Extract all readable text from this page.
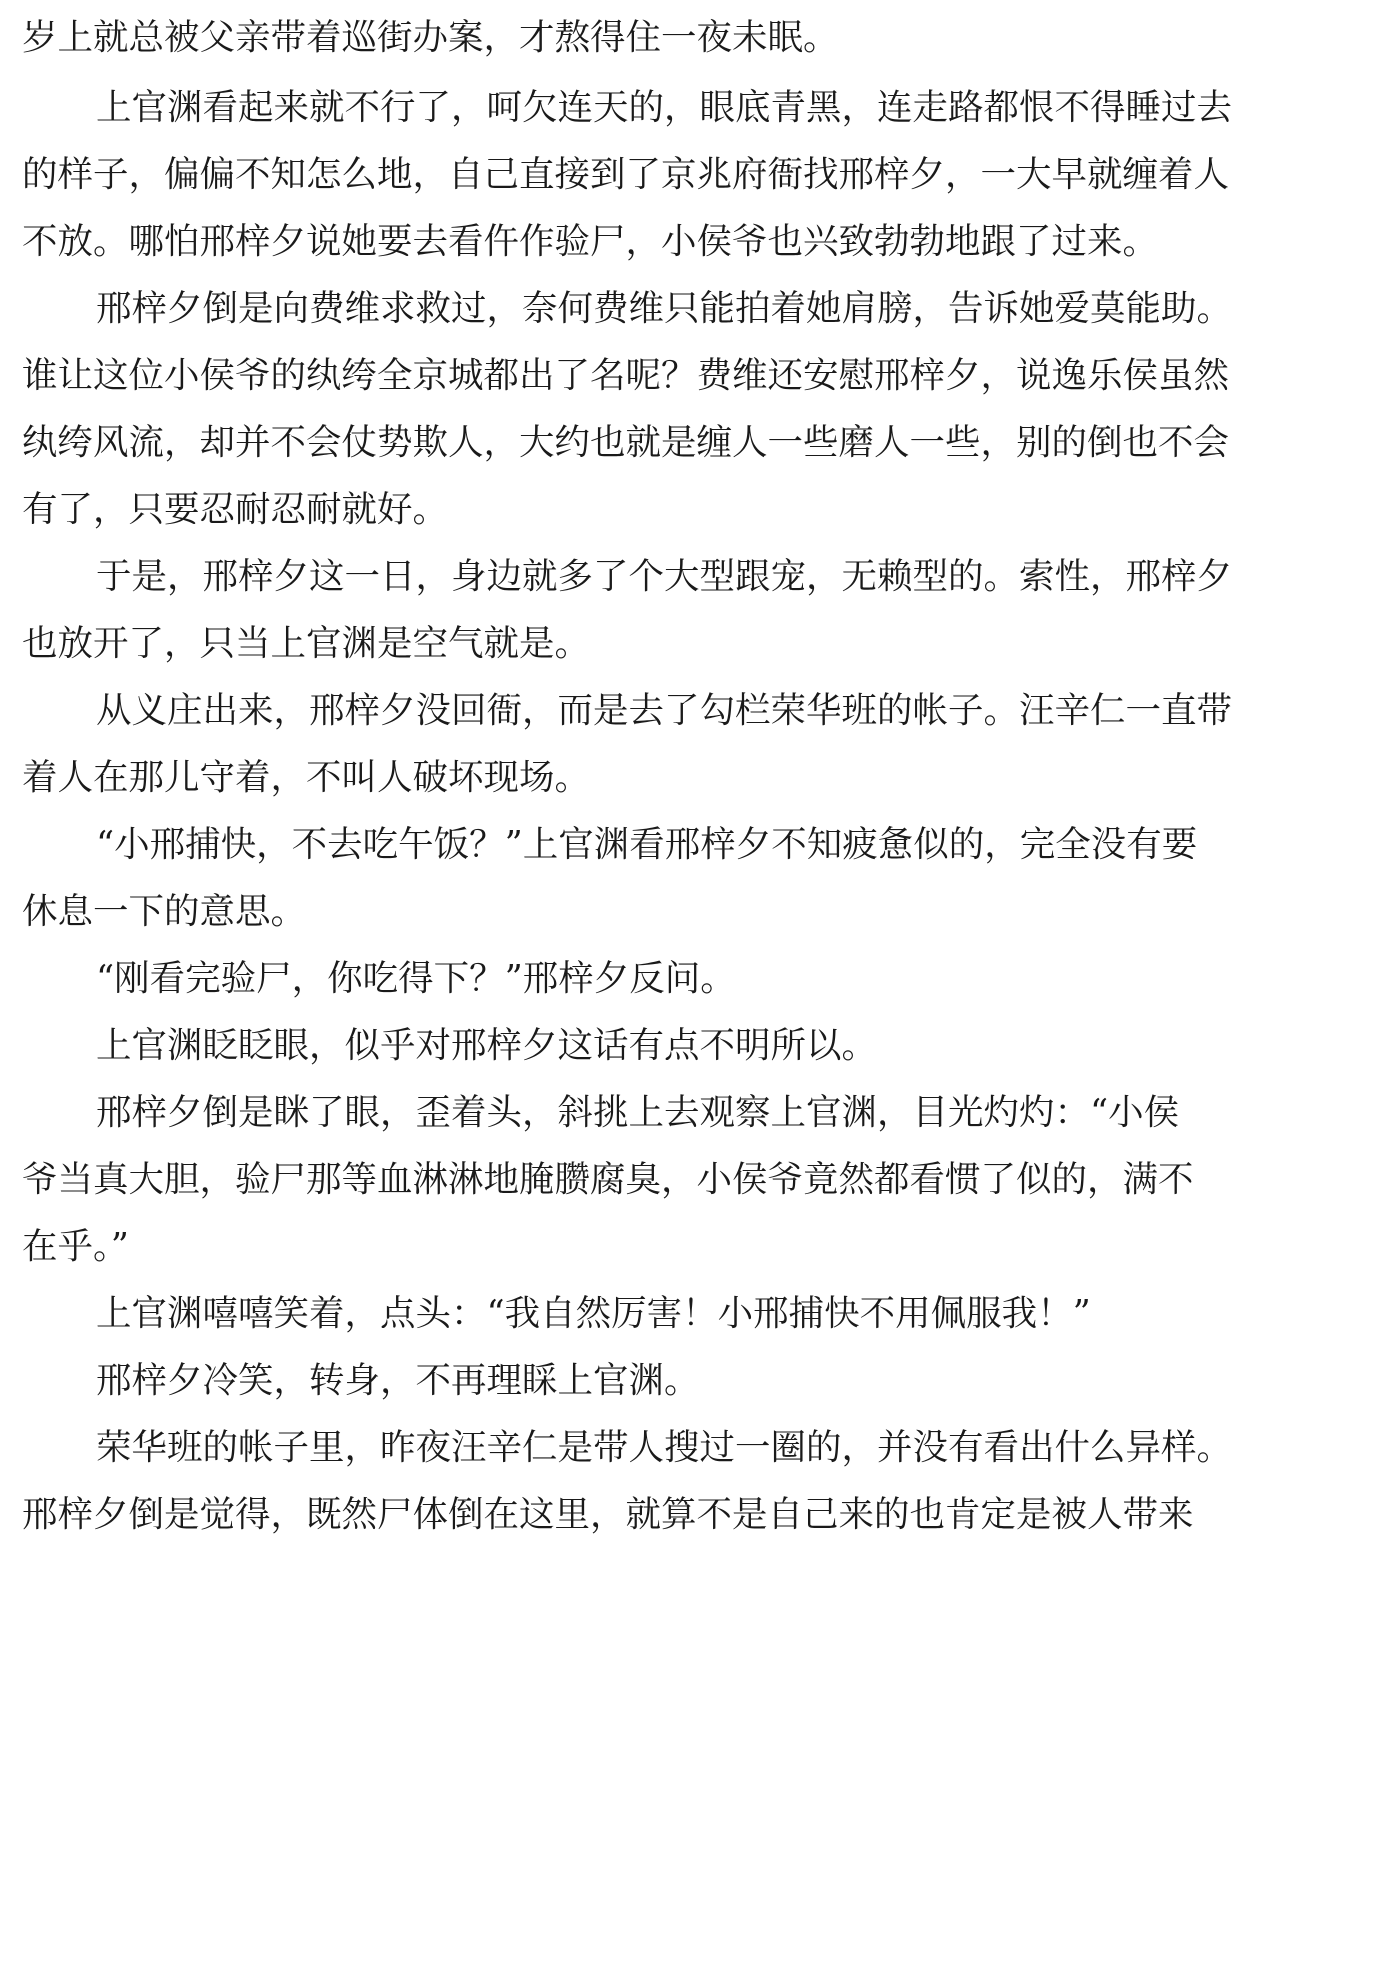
岁上就总被父亲带着巡街办案，才熬得住一夜未眠。
上官渊看起来就不行了，呵欠连天的，眼底青黑，连走路都恨不得睡过去
的样子，偏偏不知怎么地，自己直接到了京兆府衙找邢梓夕，一大早就缠着人
不放。哪怕邢梓夕说她要去看仵作验尸，小侯爷也兴致勃勃地跟了过来。
邢梓夕倒是向费维求救过，奈何费维只能拍着她肩膀，告诉她爱莫能助。
谁让这位小侯爷的纨绔全京城都出了名呢？费维还安慰邢梓夕，说逸乐侯虽然
纨绔风流，却并不会仗势欺人，大约也就是缠人一些磨人一些，别的倒也不会
有了，只要忍耐忍耐就好。
于是，邢梓夕这一日，身边就多了个大型跟宠，无赖型的。索性，邢梓夕
也放开了，只当上官渊是空气就是。
从义庄出来，邢梓夕没回衙，而是去了勾栏荣华班的帐子。汪辛仁一直带
着人在那儿守着，不叫人破坏现场。
“小邢捕快，不去吃午饭？”上官渊看邢梓夕不知疲惫似的，完全没有要
休息一下的意思。
“刚看完验尸，你吃得下？”邢梓夕反问。
上官渊眨眨眼，似乎对邢梓夕这话有点不明所以。
邢梓夕倒是眯了眼，歪着头，斜挑上去观察上官渊，目光灼灼：“小侯
爷当真大胆，验尸那等血淋淋地腌臜腐臭，小侯爷竟然都看惯了似的，满不
在乎。”
上官渊嘻嘻笑着，点头：“我自然厉害！小邢捕快不用佩服我！”
邢梓夕冷笑，转身，不再理睬上官渊。
荣华班的帐子里，昨夜汪辛仁是带人搜过一圈的，并没有看出什么异样。
邢梓夕倒是觉得，既然尸体倒在这里，就算不是自己来的也肯定是被人带来
